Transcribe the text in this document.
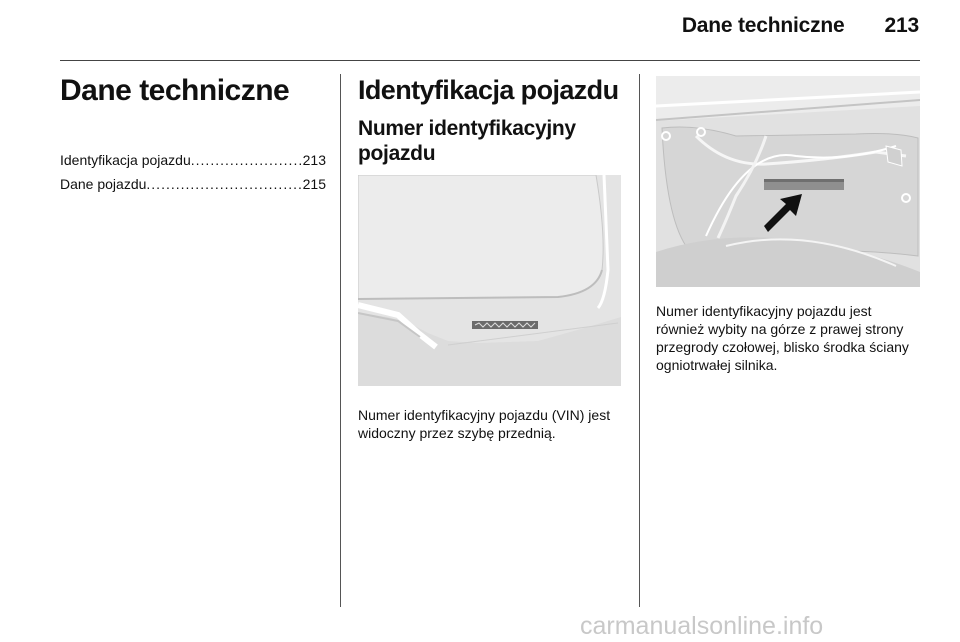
Dane techniczne 213
Dane techniczne
Identyfikacja pojazdu .....	213
Dane pojazdu .....	215
Identyfikacja pojazdu
Numer identyfikacyjny pojazdu
Numer identyfikacyjny pojazdu (VIN) jest widoczny przez szybę przednią.
Numer identyfikacyjny pojazdu jest również wybity na górze z prawej strony przegrody czołowej, blisko środka ściany ogniotrwałej silnika.
carmanualsonline.info
